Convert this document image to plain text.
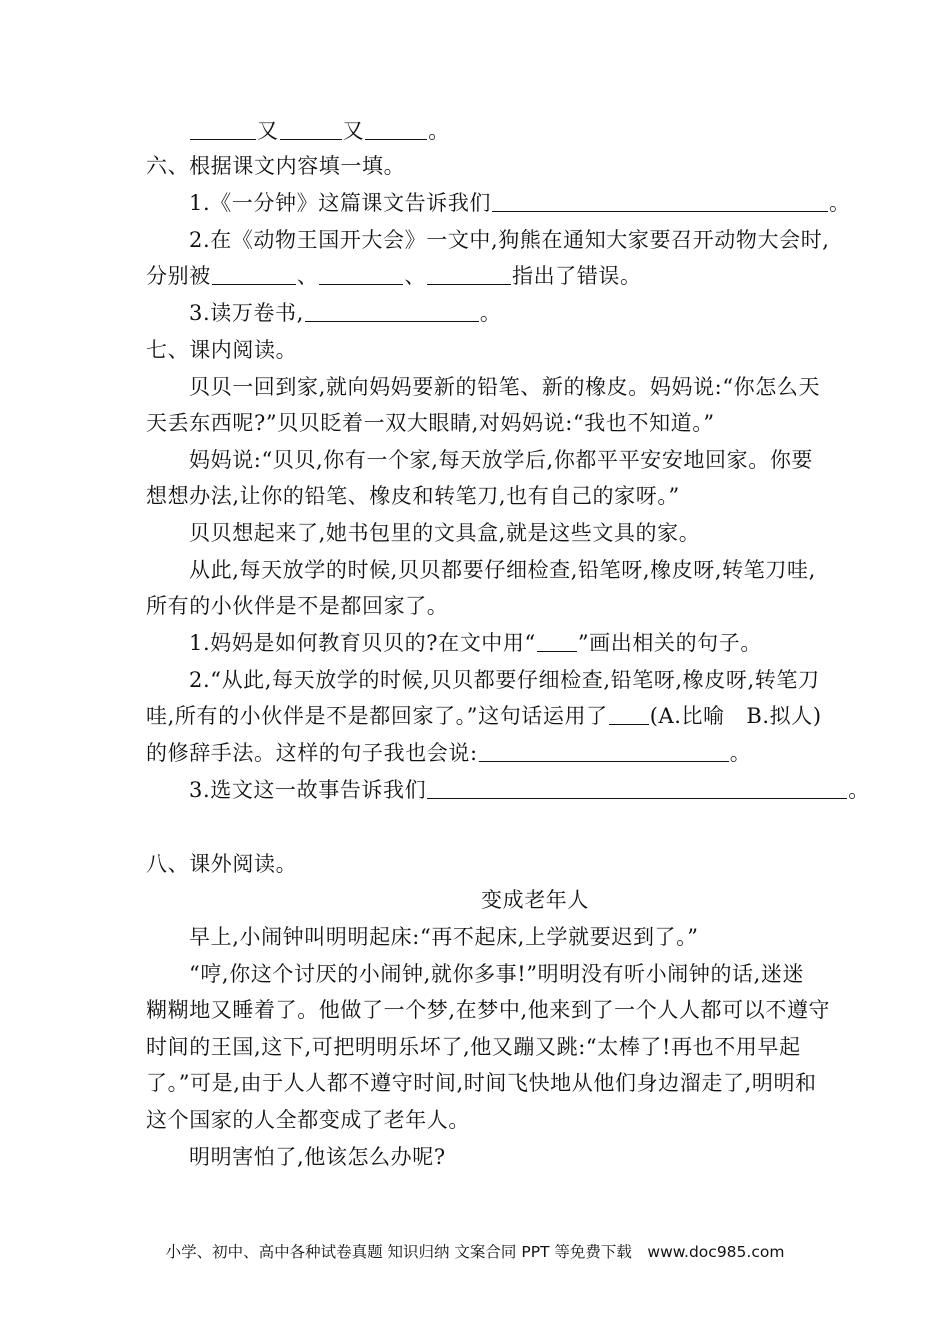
又	又	。
六、根据课文内容填一填。
1.《一分钟》这篇课文告诉我们	。
2.在《动物王国开大会》一文中,狗熊在通知大家要召开动物大会时,
分别被	、	、	指出了错误。
3.读万卷书,	。
七、课内阅读。
贝贝一回到家,就向妈妈要新的铅笔、新的橡皮。妈妈说:“你怎么天
天丢东西呢?”贝贝眨着一双大眼睛,对妈妈说:“我也不知道。”
妈妈说:“贝贝,你有一个家,每天放学后,你都平平安安地回家。你要
想想办法,让你的铅笔、橡皮和转笔刀,也有自己的家呀。”
贝贝想起来了,她书包里的文具盒,就是这些文具的家。
从此,每天放学的时候,贝贝都要仔细检查,铅笔呀,橡皮呀,转笔刀哇,
所有的小伙伴是不是都回家了。
1.妈妈是如何教育贝贝的?在文中用“ ”画出相关的句子。
2.“从此,每天放学的时候,贝贝都要仔细检查,铅笔呀,橡皮呀,转笔刀
哇,所有的小伙伴是不是都回家了。”这句话运用了 (A.比喻　B.拟人)
的修辞手法。这样的句子我也会说:	。
3.选文这一故事告诉我们	。
八、课外阅读。
变成老年人
早上,小闹钟叫明明起床:“再不起床,上学就要迟到了。”
“哼,你这个讨厌的小闹钟,就你多事!”明明没有听小闹钟的话,迷迷
糊糊地又睡着了。他做了一个梦,在梦中,他来到了一个人人都可以不遵守
时间的王国,这下,可把明明乐坏了,他又蹦又跳:“太棒了!再也不用早起
了。”可是,由于人人都不遵守时间,时间飞快地从他们身边溜走了,明明和
这个国家的人全都变成了老年人。
明明害怕了,他该怎么办呢?
小学、初中、高中各种试卷真题 知识归纳 文案合同 PPT 等免费下载　www.doc985.com
